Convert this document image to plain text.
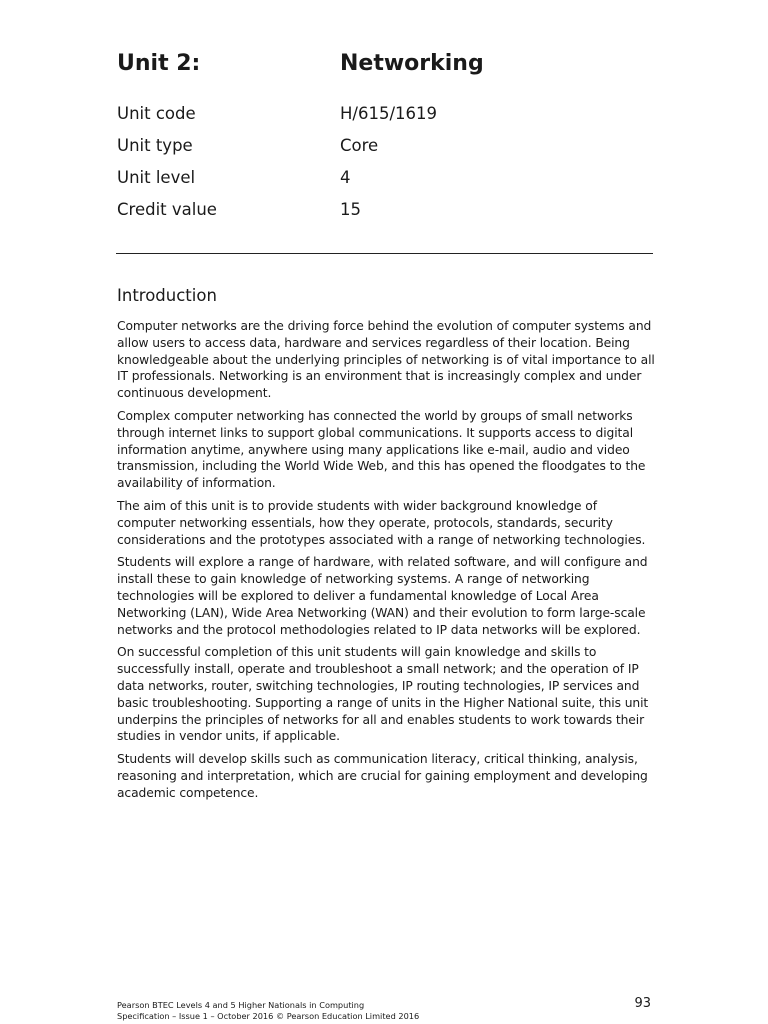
Unit 2:	Networking
Unit code	H/615/1619
Unit type	Core
Unit level	4
Credit value	15
Introduction

Computer networks are the driving force behind the evolution of computer systems and allow users to access data, hardware and services regardless of their location. Being knowledgeable about the underlying principles of networking is of vital importance to all IT professionals. Networking is an environment that is increasingly complex and under continuous development.

Complex computer networking has connected the world by groups of small networks through internet links to support global communications. It supports access to digital information anytime, anywhere using many applications like e-mail, audio and video transmission, including the World Wide Web, and this has opened the floodgates to the availability of information.

The aim of this unit is to provide students with wider background knowledge of computer networking essentials, how they operate, protocols, standards, security considerations and the prototypes associated with a range of networking technologies.

Students will explore a range of hardware, with related software, and will configure and install these to gain knowledge of networking systems. A range of networking technologies will be explored to deliver a fundamental knowledge of Local Area Networking (LAN), Wide Area Networking (WAN) and their evolution to form large-scale networks and the protocol methodologies related to IP data networks will be explored.

On successful completion of this unit students will gain knowledge and skills to successfully install, operate and troubleshoot a small network; and the operation of IP data networks, router, switching technologies, IP routing technologies, IP services and basic troubleshooting. Supporting a range of units in the Higher National suite, this unit underpins the principles of networks for all and enables students to work towards their studies in vendor units, if applicable.

Students will develop skills such as communication literacy, critical thinking, analysis, reasoning and interpretation, which are crucial for gaining employment and developing academic competence.

Pearson BTEC Levels 4 and 5 Higher Nationals in Computing
Specification – Issue 1 – October 2016 © Pearson Education Limited 2016
93
